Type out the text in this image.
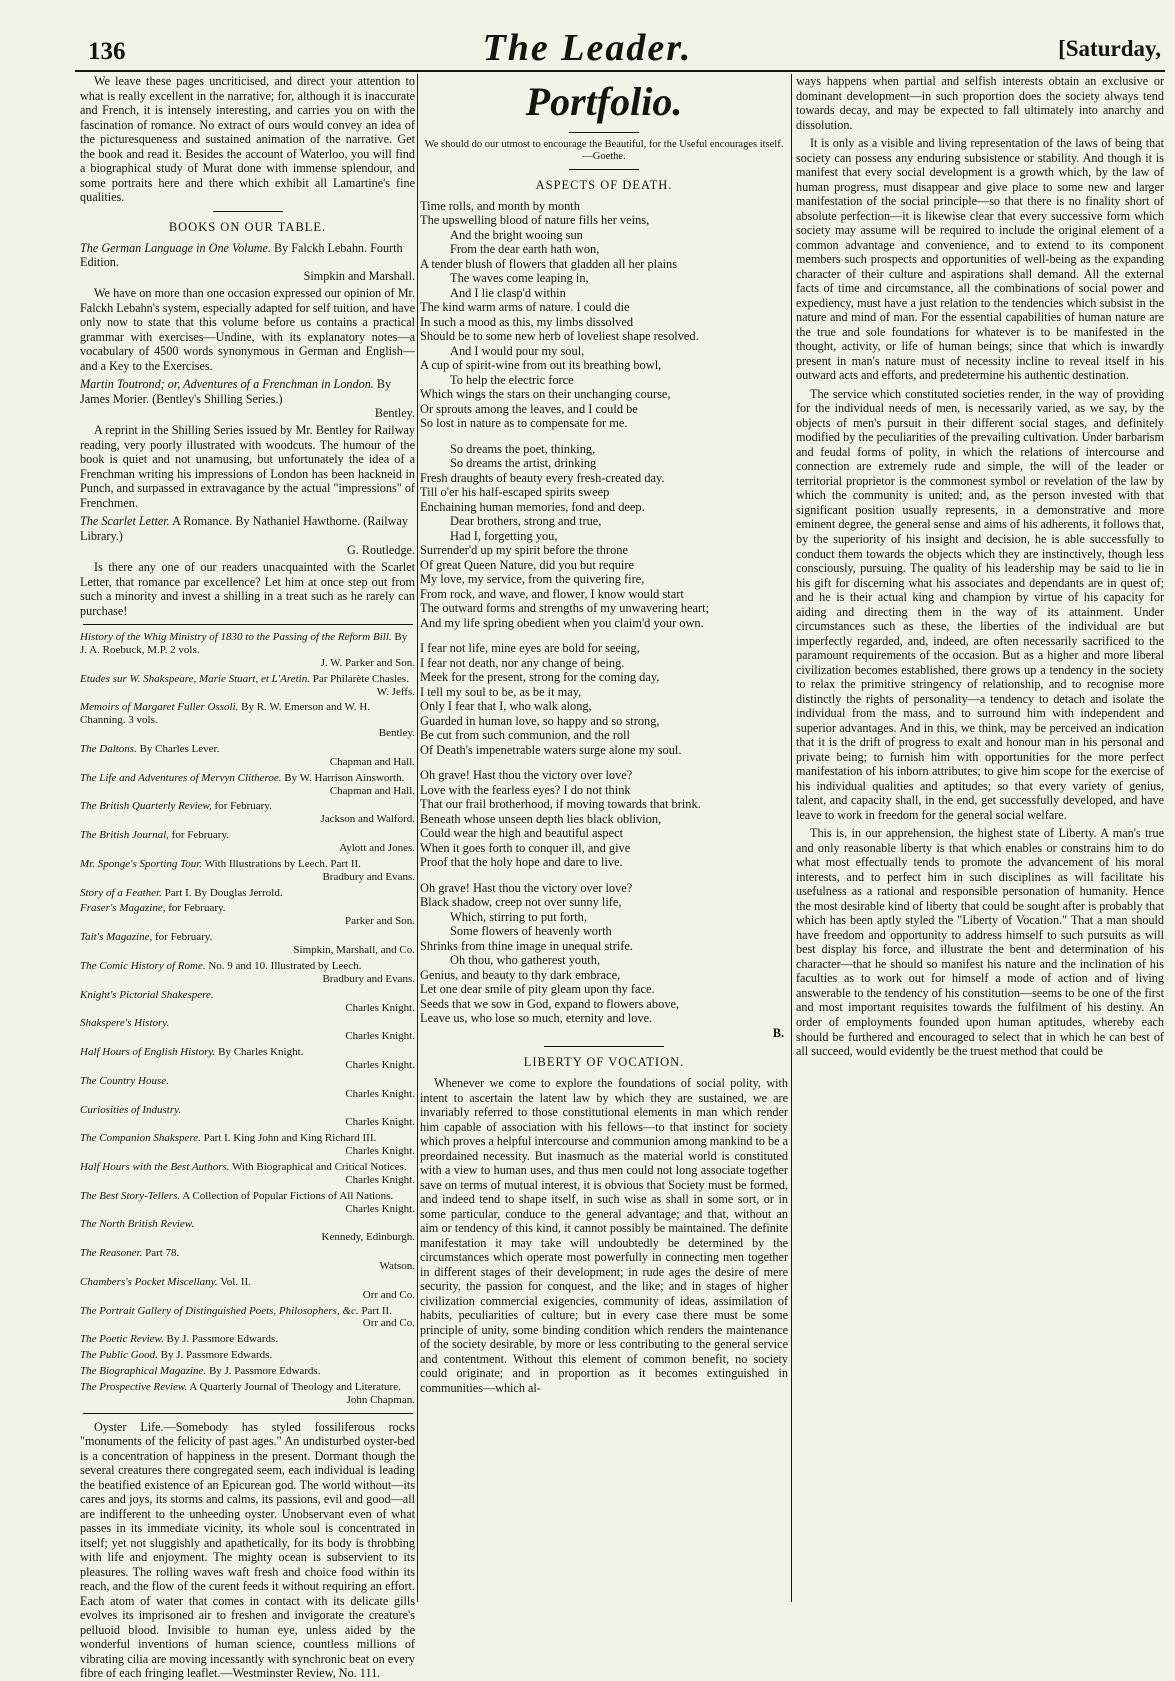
136	The Leader.	[Saturday,

We leave these pages uncriticised, and direct your attention to what is really excellent in the narrative; for, although it is inaccurate and French, it is intensely interesting, and carries you on with the fascination of romance. No extract of ours would convey an idea of the picturesqueness and sustained animation of the narrative. Get the book and read it. Besides the account of Waterloo, you will find a biographical study of Murat done with immense splendour, and some portraits here and there which exhibit all Lamartine's fine qualities.

BOOKS ON OUR TABLE.
The German Language in One Volume. By Falckh Lebahn. Fourth Edition.
Simpkin and Marshall.

We have on more than one occasion expressed our opinion of Mr. Falckh Lebahn's system, especially adapted for self tuition, and have only now to state that this volume before us contains a practical grammar with exercises—Undine, with its explanatory notes—a vocabulary of 4500 words synonymous in German and English—and a Key to the Exercises.

Martin Toutrond; or, Adventures of a Frenchman in London. By James Morier. (Bentley's Shilling Series.)
Bentley.

A reprint in the Shilling Series issued by Mr. Bentley for Railway reading, very poorly illustrated with woodcuts. The humour of the book is quiet and not unamusing, but unfortunately the idea of a Frenchman writing his impressions of London has been hackneid in Punch, and surpassed in extravagance by the actual "impressions" of Frenchmen.

The Scarlet Letter. A Romance. By Nathaniel Hawthorne. (Railway Library.)
G. Routledge.

Is there any one of our readers unacquainted with the Scarlet Letter, that romance par excellence? Let him at once step out from such a minority and invest a shilling in a treat such as he rarely can purchase!

History of the Whig Ministry of 1830 to the Passing of the Reform Bill. By J. A. Roebuck, M.P. 2 vols.
J. W. Parker and Son.
Etudes sur W. Shakspeare, Marie Stuart, et L'Aretin. Par Philarète Chasles.
W. Jeffs.
Memoirs of Margaret Fuller Ossoli. By R. W. Emerson and W. H. Channing. 3 vols.
Bentley.
The Daltons. By Charles Lever.
Chapman and Hall.
The Life and Adventures of Mervyn Clitheroe. By W. Harrison Ainsworth.
Chapman and Hall.
The British Quarterly Review, for February.
Jackson and Walford.
The British Journal, for February.
Aylott and Jones.
Mr. Sponge's Sporting Tour. With Illustrations by Leech. Part II.
Bradbury and Evans.
Story of a Feather. Part I. By Douglas Jerrold.
Fraser's Magazine, for February.
Parker and Son.
Tait's Magazine, for February.
Simpkin, Marshall, and Co.
The Comic History of Rome. No. 9 and 10. Illustrated by Leech.
Bradbury and Evans.
Knight's Pictorial Shakespere.
Charles Knight.
Shakspere's History.
Charles Knight.
Half Hours of English History. By Charles Knight.
Charles Knight.
The Country House.
Charles Knight.
Curiosities of Industry.
Charles Knight.
The Companion Shakspere. Part I. King John and King Richard III.
Charles Knight.
Half Hours with the Best Authors. With Biographical and Critical Notices.
Charles Knight.
The Best Story-Tellers. A Collection of Popular Fictions of All Nations.
Charles Knight.
The North British Review.
Kennedy, Edinburgh.
The Reasoner. Part 78.
Watson.
Chambers's Pocket Miscellany. Vol. II.
Orr and Co.
The Portrait Gallery of Distinguished Poets, Philosophers, &c. Part II.
Orr and Co.
The Poetic Review. By J. Passmore Edwards.
The Public Good. By J. Passmore Edwards.
The Biographical Magazine. By J. Passmore Edwards.
The Prospective Review. A Quarterly Journal of Theology and Literature.
John Chapman.

Oyster Life.—Somebody has styled fossiliferous rocks "monuments of the felicity of past ages." An undisturbed oyster-bed is a concentration of happiness in the present. Dormant though the several creatures there congregated seem, each individual is leading the beatified existence of an Epicurean god. The world without—its cares and joys, its storms and calms, its passions, evil and good—all are indifferent to the unheeding oyster. Unobservant even of what passes in its immediate vicinity, its whole soul is concentrated in itself; yet not sluggishly and apathetically, for its body is throbbing with life and enjoyment. The mighty ocean is subservient to its pleasures. The rolling waves waft fresh and choice food within its reach, and the flow of the curent feeds it without requiring an effort. Each atom of water that comes in contact with its delicate gills evolves its imprisoned air to freshen and invigorate the creature's pelluoid blood. Invisible to human eye, unless aided by the wonderful inventions of human science, countless millions of vibrating cilia are moving incessantly with synchronic beat on every fibre of each fringing leaflet.—Westminster Review, No. 111.

Portfolio.
We should do our utmost to encourage the Beautiful, for the Useful encourages itself.—Goethe.
ASPECTS OF DEATH.
Time rolls, and month by month
The upswelling blood of nature fills her veins,
And the bright wooing sun
From the dear earth hath won,
A tender blush of flowers that gladden all her plains
The waves come leaping in,
And I lie clasp'd within
The kind warm arms of nature. I could die
In such a mood as this, my limbs dissolved
Should be to some new herb of loveliest shape resolved.
And I would pour my soul,
A cup of spirit-wine from out its breathing bowl,
To help the electric force
Which wings the stars on their unchanging course,
Or sprouts among the leaves, and I could be
So lost in nature as to compensate for me.
So dreams the poet, thinking,
So dreams the artist, drinking
Fresh draughts of beauty every fresh-created day.
Till o'er his half-escaped spirits sweep
Enchaining human memories, fond and deep.
Dear brothers, strong and true,
Had I, forgetting you,
Surrender'd up my spirit before the throne
Of great Queen Nature, did you but require
My love, my service, from the quivering fire,
From rock, and wave, and flower, I know would start
The outward forms and strengths of my unwavering heart;
And my life spring obedient when you claim'd your own.
I fear not life, mine eyes are bold for seeing,
I fear not death, nor any change of being.
Meek for the present, strong for the coming day,
I tell my soul to be, as be it may,
Only I fear that I, who walk along,
Guarded in human love, so happy and so strong,
Be cut from such communion, and the roll
Of Death's impenetrable waters surge alone my soul.
Oh grave! Hast thou the victory over love?
Love with the fearless eyes? I do not think
That our frail brotherhood, if moving towards that brink.
Beneath whose unseen depth lies black oblivion,
Could wear the high and beautiful aspect
When it goes forth to conquer ill, and give
Proof that the holy hope and dare to live.
Oh grave! Hast thou the victory over love?
Black shadow, creep not over sunny life,
Which, stirring to put forth,
Some flowers of heavenly worth
Shrinks from thine image in unequal strife.
Oh thou, who gatherest youth,
Genius, and beauty to thy dark embrace,
Let one dear smile of pity gleam upon thy face.
Seeds that we sow in God, expand to flowers above,
Leave us, who lose so much, eternity and love.
B.
LIBERTY OF VOCATION.

Whenever we come to explore the foundations of social polity, with intent to ascertain the latent law by which they are sustained, we are invariably referred to those constitutional elements in man which render him capable of association with his fellows—to that instinct for society which proves a helpful intercourse and communion among mankind to be a preordained necessity. But inasmuch as the material world is constituted with a view to human uses, and thus men could not long associate together save on terms of mutual interest, it is obvious that Society must be formed, and indeed tend to shape itself, in such wise as shall in some sort, or in some particular, conduce to the general advantage; and that, without an aim or tendency of this kind, it cannot possibly be maintained. The definite manifestation it may take will undoubtedly be determined by the circumstances which operate most powerfully in connecting men together in different stages of their development; in rude ages the desire of mere security, the passion for conquest, and the like; and in stages of higher civilization commercial exigencies, community of ideas, assimilation of habits, peculiarities of culture; but in every case there must be some principle of unity, some binding condition which renders the maintenance of the society desirable, by more or less contributing to the general service and contentment. Without this element of common benefit, no society could originate; and in proportion as it becomes extinguished in communities—which al-

ways happens when partial and selfish interests obtain an exclusive or dominant development—in such proportion does the society always tend towards decay, and may be expected to fall ultimately into anarchy and dissolution.

It is only as a visible and living representation of the laws of being that society can possess any enduring subsistence or stability. And though it is manifest that every social development is a growth which, by the law of human progress, must disappear and give place to some new and larger manifestation of the social principle—so that there is no finality short of absolute perfection—it is likewise clear that every successive form which society may assume will be required to include the original element of a common advantage and convenience, and to extend to its component members such prospects and opportunities of well-being as the expanding character of their culture and aspirations shall demand. All the external facts of time and circumstance, all the combinations of social power and expediency, must have a just relation to the tendencies which subsist in the nature and mind of man. For the essential capabilities of human nature are the true and sole foundations for whatever is to be manifested in the thought, activity, or life of human beings; since that which is inwardly present in man's nature must of necessity incline to reveal itself in his outward acts and efforts, and predetermine his authentic destination.

The service which constituted societies render, in the way of providing for the individual needs of men, is necessarily varied, as we say, by the objects of men's pursuit in their different social stages, and definitely modified by the peculiarities of the prevailing cultivation. Under barbarism and feudal forms of polity, in which the relations of intercourse and connection are extremely rude and simple, the will of the leader or territorial proprietor is the commonest symbol or revelation of the law by which the community is united; and, as the person invested with that significant position usually represents, in a demonstrative and more eminent degree, the general sense and aims of his adherents, it follows that, by the superiority of his insight and decision, he is able successfully to conduct them towards the objects which they are instinctively, though less consciously, pursuing. The quality of his leadership may be said to lie in his gift for discerning what his associates and dependants are in quest of; and he is their actual king and champion by virtue of his capacity for aiding and directing them in the way of its attainment. Under circumstances such as these, the liberties of the individual are but imperfectly regarded, and, indeed, are often necessarily sacrificed to the paramount requirements of the occasion. But as a higher and more liberal civilization becomes established, there grows up a tendency in the society to relax the primitive stringency of relationship, and to recognise more distinctly the rights of personality—a tendency to detach and isolate the individual from the mass, and to surround him with independent and superior advantages. And in this, we think, may be perceived an indication that it is the drift of progress to exalt and honour man in his personal and private being; to furnish him with opportunities for the more perfect manifestation of his inborn attributes; to give him scope for the exercise of his individual qualities and aptitudes; so that every variety of genius, talent, and capacity shall, in the end, get successfully developed, and have leave to work in freedom for the general social welfare.

This is, in our apprehension, the highest state of Liberty. A man's true and only reasonable liberty is that which enables or constrains him to do what most effectually tends to promote the advancement of his moral interests, and to perfect him in such disciplines as will facilitate his usefulness as a rational and responsible personation of humanity. Hence the most desirable kind of liberty that could be sought after is probably that which has been aptly styled the "Liberty of Vocation." That a man should have freedom and opportunity to address himself to such pursuits as will best display his force, and illustrate the bent and determination of his character—that he should so manifest his nature and the inclination of his faculties as to work out for himself a mode of action and of living answerable to the tendency of his constitution—seems to be one of the first and most important requisites towards the fulfilment of his destiny. An order of employments founded upon human aptitudes, whereby each should be furthered and encouraged to select that in which he can best of all succeed, would evidently be the truest method that could be
